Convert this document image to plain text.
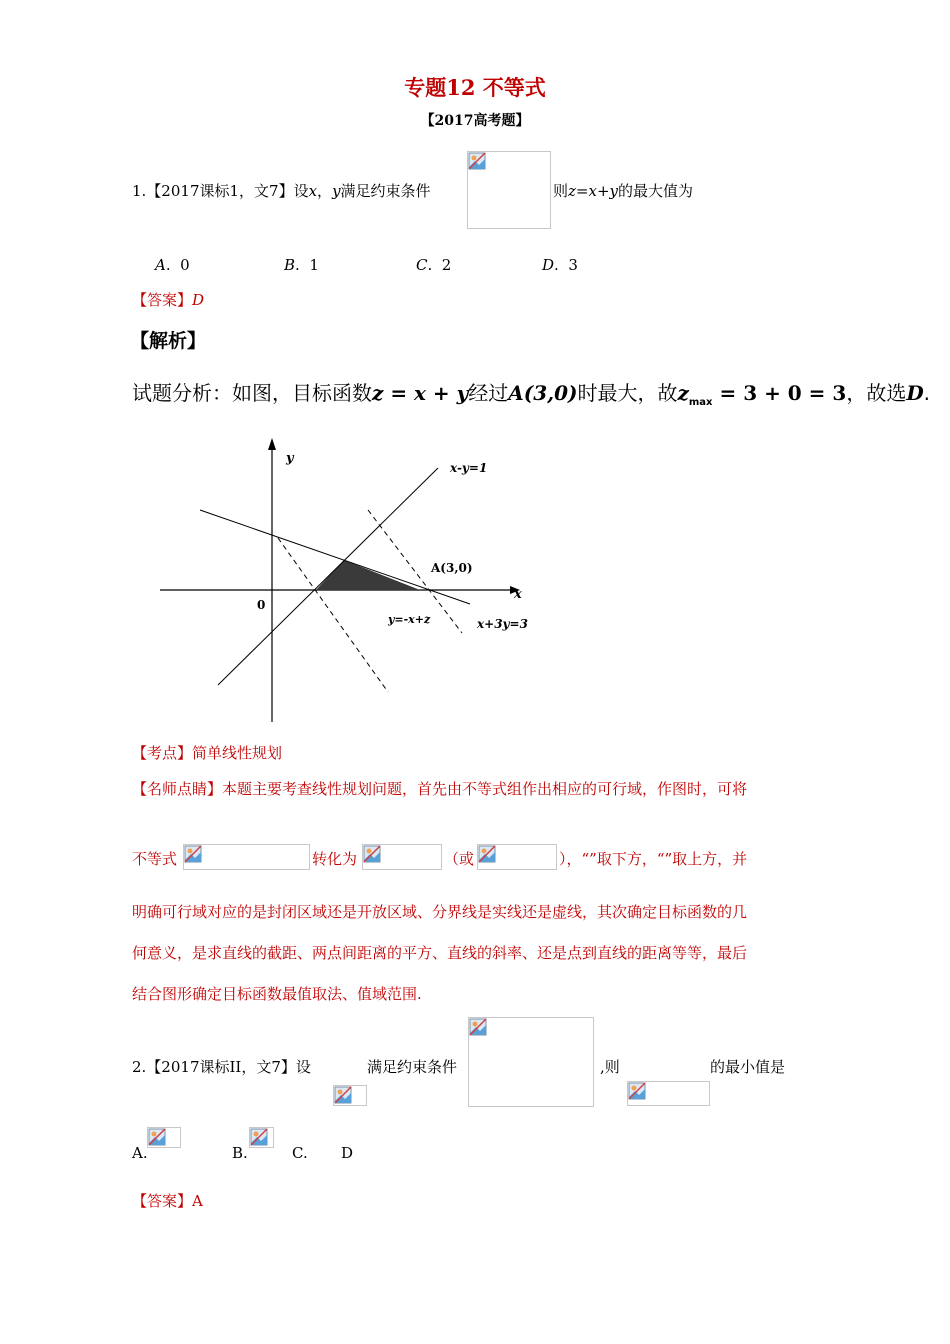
专题12 不等式
【2017高考题】
1.【2017课标1，文7】设x，y满足约束条件	则z=x+y的最大值为
A.  0	B.  1	C.  2	D.  3
【答案】D
【解析】
试题分析：如图，目标函数z = x + y经过A(3,0)时最大，故$z_{max} = 3 + 0 = 3$，故选D.
y
x
0
x-y=1
A(3,0)
y=-x+z	x+3y=3
【考点】简单线性规划
【名师点睛】本题主要考查线性规划问题，首先由不等式组作出相应的可行域，作图时，可将
不等式	转化为	（或	），“”取下方，“”取上方，并
明确可行域对应的是封闭区域还是开放区域、分界线是实线还是虚线，其次确定目标函数的几
何意义，是求直线的截距、两点间距离的平方、直线的斜率、还是点到直线的距离等等，最后
结合图形确定目标函数最值取法、值域范围.
2.【2017课标II，文7】设	满足约束条件	,则	的最小值是
A.	B.	C. D
【答案】A
